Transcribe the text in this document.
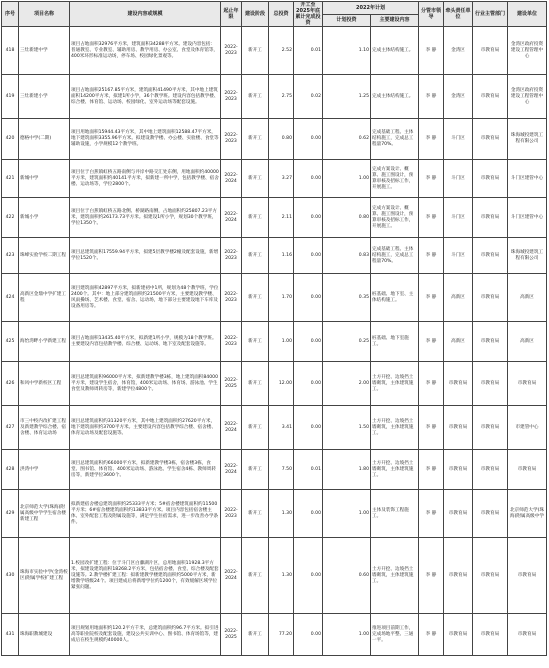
序号	项目名称	建设内容或规模	起止年限	建设阶段	总投资	开工至2025年底累计完成投资	2022年计划		分管市领导	牵头责任单位	行业主管部门	建设单位
							计划投资	主要建设内容				
418	三灶新建中学	项目占地面积32976平方米，建筑面积34288平方米。建设内容包括：普通教室、专业教室、辅助用房、教学用房、办公室、食堂及体育馆等，400米环形标准运动场，停车场、校园绿化景观等。	2022-2023	新开工	2.52	0.01	1.10	完成主体结构施工。	李 静	金湾区	市教育局	金湾区政府投资建设工程管理中心
419	三灶新建小学	项目占地面积25167.85平方米，建筑面积41490平方米，其中地上建筑面积14200平方米，拟建1所小学，36个教学班。建设内容包括教学楼、综合楼、体育馆、运动场、校园绿化、室外运动场等配套设施。	2022-2023	新开工	2.75	0.02	1.25	完成主体结构施工。	李 静	金湾区	市教育局	金湾区政府投资建设工程管理中心
420	德格中学(二期)	项目用地面积15944.43平方米，其中地上建筑面积12588.47平方米，地下建筑面积3355.96平方米。拟建设教学楼、办公楼、实验楼、食堂等辅助设施，小学规模12个教学班。	2022-2023	新开工	0.80	0.00	0.62	完成基础工程、主体结构施工，完成总工程量70%。	李 静	斗门区	市教育局	珠海城投建筑工程有限公司
421	新城中学	项目位于白蕉镇虹桥五路南侧与井岸中路交汇处东侧，用地面积约40000平方米，建筑面积约40141平方米，拟新建一所中学，包括教学楼、宿舍楼、运动场等，学位2800个。	2022-2024	新开工	3.27	0.00	1.00	完成方案设计、概算、施工图设计，预算审核及招标工作，开展施工。	李 静	斗门区	市教育局	斗门区建管中心
422	新城小学	项目位于白蕉镇虹桥五路北侧、桥湖路南侧，占地面积约25807.23平方米，建筑面积约26173.73平方米。拟建设1所小学，规划30个教学班，学位1350个。	2022-2024	新开工	2.11	0.00	0.80	完成方案设计、概算、施工图设计，预算审核及招标工作，开展施工。	李 静	斗门区	市教育局	斗门区建管中心
423	珠峰实验学校二期工程	项目总建筑面积17559.94平方米，拟建5层教学楼2幢及配套设施，新增学位1520个。	2022-2023	新开工	1.16	0.00	0.83	完成基础工程、主体结构施工，完成总工程量70%。	李 静	斗门区	市教育局	珠海城投建筑工程有限公司
424	高新区金鼎中学扩建工程	项目建筑面积42897平方米，拟新建初中1所，规划为48个教学班，学位2400个。其中：地上部分建筑面积约21500平方米，主要建设教学楼、风雨操场、艺术楼、食堂、宿舍、运动场，地下部分主要建设地下车库及设备用房等。	2022-2023	新开工	1.70	0.00	0.35	桩基础、地下室、主体结构施工。	李 静	高新区	市教育局	高新区
425	海怡湾畔小学新建工程	项目占地面积13435.40平方米，拟新建1所小学，规模为18个教学班。主要建设内容包括教学楼、综合楼、运动场、地下室及配套设施等。	2022-2023	新开工	1.00	0.00	0.25	桩基础、地下室施工。	李 静	高新区	市教育局	高新区
426	和风中学新校区工程	项目总建筑面积96000平方米，拟新建教学楼3栋，地上建筑面积84000平方米，建设学生宿舍，体育馆，400米运动场、体育场、游泳池、学生食堂及教师周转房等，新建学位4800个。	2022-2025	新开工	12.00	0.00	2.00	土方开挖、边坡挡土墙砌筑，主体建筑施工。	李 静	市教育局	市教育局	市教育局
427	市三中校内改扩建工程及新建教学综合楼、宿舍楼、体育运动场	项目总建筑面积约31320平方米，其中地上建筑面积约27620平方米，地下建筑面积约3700平方米。主要建设内容包括教学综合楼、宿舍楼、体育运动场及配套设施等。	2022-2024	新开工	3.41	0.00	1.50	土方开挖、边坡挡土墙砌筑，主体建筑施工。	李 静	市教育局	市教育局	市建管中心
428	洪湾中学	项目总建筑面积约66000平方米，拟新建教学楼3栋，宿舍楼3栋，食堂、图书馆、体育馆、400米运动场、游泳池、学生宿舍4栋、教师周转房等，新建学位3600个。	2022-2024	新开工	7.50	0.01	1.80	土方开挖、边坡挡土墙砌筑，主体建筑施工。	李 静	市教育局	市教育局	市教育局
429	北京师范大学(珠海)附属高级中学学生宿舍楼新建工程	拟新建宿舍楼总建筑面积约25333平方米；5#宿舍楼建筑面积约11500平方米；6#宿舍楼建筑面积约13833平方米。项目内容包括宿舍楼主体、室外配套工程及附属设施等，满足学生住宿需求，进一步改善办学条件。	2022-2023	新开工	1.30	0.00	1.00	主体及装饰工程施工。	李 静	市教育局	市教育局	北京师范大学(珠海)附属高级中学
430	珠海市实验中学(金湾校区)附属学校扩建工程	1.校园改扩建工程：位于斗门区白藤湖片区，总用地面积11928.3平方米，拟建设建筑面积18268.2平方米，包括宿舍楼、食堂、综合楼及配套设施等。2.教学楼扩建工程：拟新建教学楼建筑面积约5000平方米，新增教学班级24个。项目建成后将新增学位约1200个，有效缓解区域学位紧张问题。	2022-2024	新开工	1.30	0.00	0.60	土方开挖、边坡挡土墙砌筑，主体建筑施工。	李 静	市教育局	市教育局	市教育局
431	珠海职教城建设	项目规划用地面积约120.2平方千米，总建筑面积约96.7平方米。拟引进高等职业院校及配套设施，建设公共实训中心、图书馆、体育场馆等，建成后在校生规模约40000人。	2022-2025	新开工	77.20	0.00	1.00	推进项目前期工作，完成场地平整、三通一平。	李 静	市教育局	市教育局	市教育局
